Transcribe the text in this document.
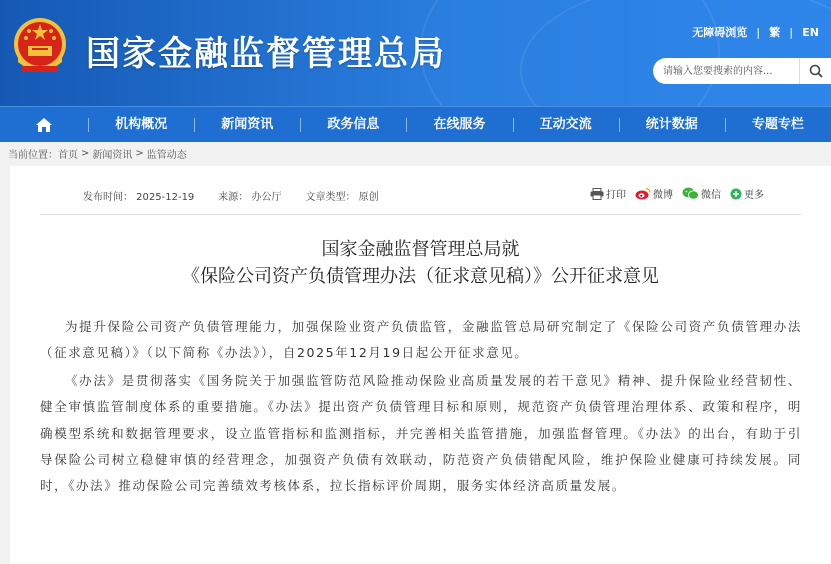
国家金融监督管理总局
无障碍浏览 | 繁 | EN
请输入您要搜索的内容...
机构概况	新闻资讯	政务信息	在线服务	互动交流	统计数据	专题专栏
当前位置： 首页 > 新闻资讯 > 监管动态
发布时间： 2025-12-19 来源： 办公厅 文章类型： 原创	打印	微博	微信 更多
国家金融监督管理总局就
《保险公司资产负债管理办法（征求意见稿）》公开征求意见

为提升保险公司资产负债管理能力，加强保险业资产负债监管，金融监管总局研究制定了《保险公司资产负债管理办法（征求意见稿）》（以下简称《办法》），自2025年12月19日起公开征求意见。

《办法》是贯彻落实《国务院关于加强监管防范风险推动保险业高质量发展的若干意见》精神、提升保险业经营韧性、健全审慎监管制度体系的重要措施。《办法》提出资产负债管理目标和原则，规范资产负债管理治理体系、政策和程序，明确模型系统和数据管理要求，设立监管指标和监测指标，并完善相关监管措施，加强监督管理。《办法》的出台，有助于引导保险公司树立稳健审慎的经营理念，加强资产负债有效联动，防范资产负债错配风险，维护保险业健康可持续发展。同时，《办法》推动保险公司完善绩效考核体系，拉长指标评价周期，服务实体经济高质量发展。
